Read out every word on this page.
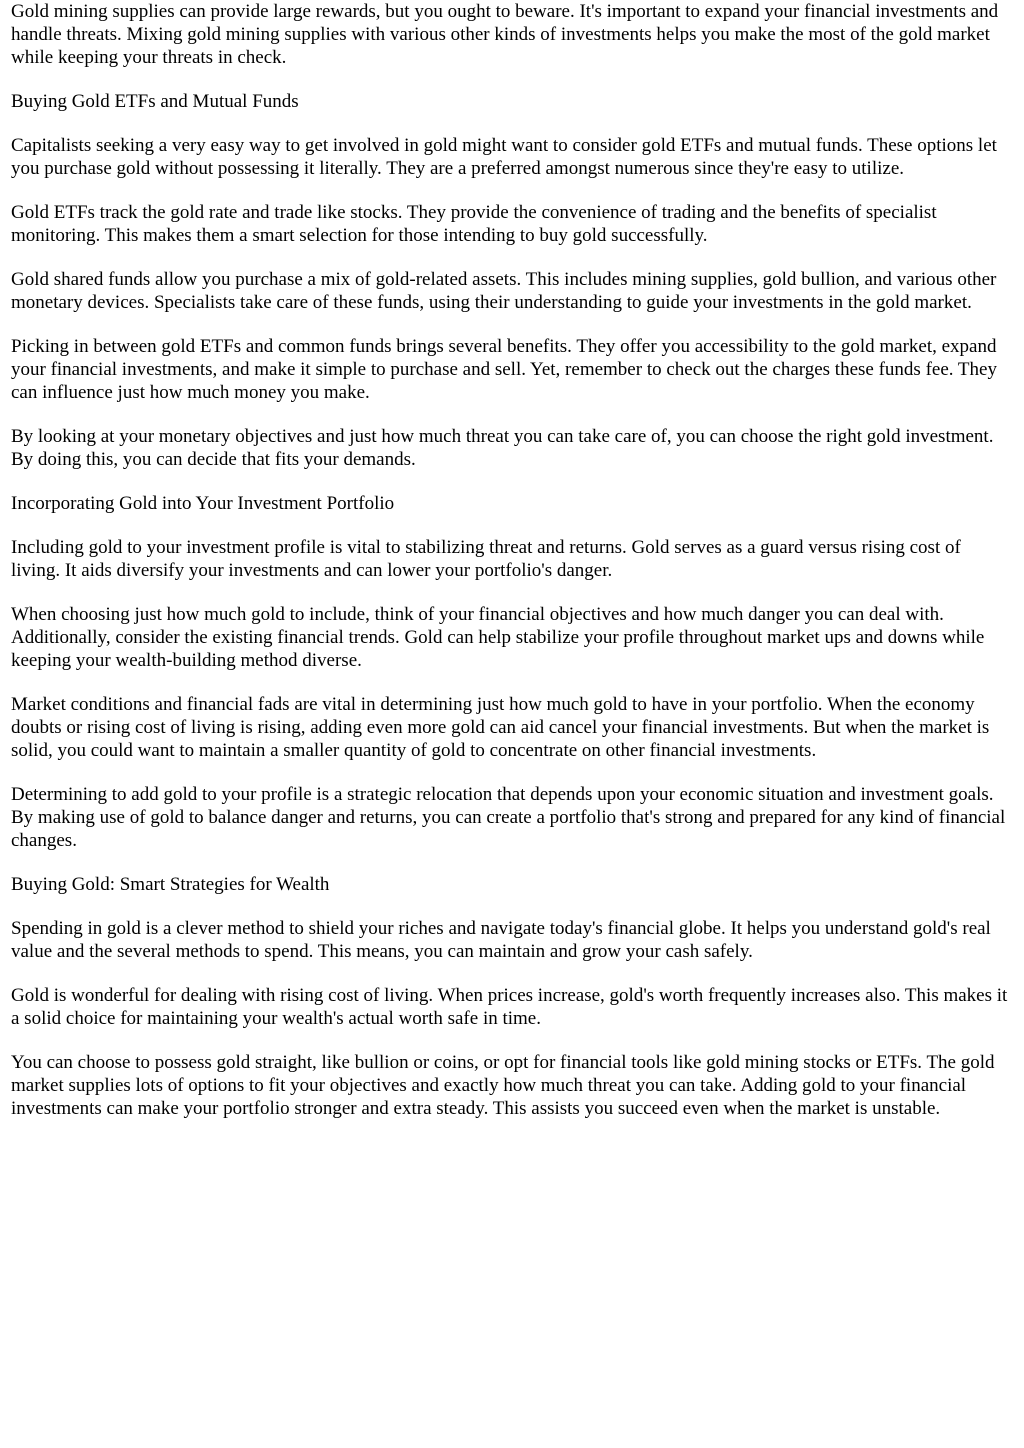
Gold mining supplies can provide large rewards, but you ought to beware. It's important to expand your financial investments and handle threats. Mixing gold mining supplies with various other kinds of investments helps you make the most of the gold market while keeping your threats in check.

Buying Gold ETFs and Mutual Funds

Capitalists seeking a very easy way to get involved in gold might want to consider gold ETFs and mutual funds. These options let you purchase gold without possessing it literally. They are a preferred amongst numerous since they're easy to utilize.

Gold ETFs track the gold rate and trade like stocks. They provide the convenience of trading and the benefits of specialist monitoring. This makes them a smart selection for those intending to buy gold successfully.

Gold shared funds allow you purchase a mix of gold-related assets. This includes mining supplies, gold bullion, and various other monetary devices. Specialists take care of these funds, using their understanding to guide your investments in the gold market.

Picking in between gold ETFs and common funds brings several benefits. They offer you accessibility to the gold market, expand your financial investments, and make it simple to purchase and sell. Yet, remember to check out the charges these funds fee. They can influence just how much money you make.

By looking at your monetary objectives and just how much threat you can take care of, you can choose the right gold investment. By doing this, you can decide that fits your demands.

Incorporating Gold into Your Investment Portfolio

Including gold to your investment profile is vital to stabilizing threat and returns. Gold serves as a guard versus rising cost of living. It aids diversify your investments and can lower your portfolio's danger.

When choosing just how much gold to include, think of your financial objectives and how much danger you can deal with. Additionally, consider the existing financial trends. Gold can help stabilize your profile throughout market ups and downs while keeping your wealth-building method diverse.

Market conditions and financial fads are vital in determining just how much gold to have in your portfolio. When the economy doubts or rising cost of living is rising, adding even more gold can aid cancel your financial investments. But when the market is solid, you could want to maintain a smaller quantity of gold to concentrate on other financial investments.

Determining to add gold to your profile is a strategic relocation that depends upon your economic situation and investment goals. By making use of gold to balance danger and returns, you can create a portfolio that's strong and prepared for any kind of financial changes.

Buying Gold: Smart Strategies for Wealth

Spending in gold is a clever method to shield your riches and navigate today's financial globe. It helps you understand gold's real value and the several methods to spend. This means, you can maintain and grow your cash safely.

Gold is wonderful for dealing with rising cost of living. When prices increase, gold's worth frequently increases also. This makes it a solid choice for maintaining your wealth's actual worth safe in time.

You can choose to possess gold straight, like bullion or coins, or opt for financial tools like gold mining stocks or ETFs. The gold market supplies lots of options to fit your objectives and exactly how much threat you can take. Adding gold to your financial investments can make your portfolio stronger and extra steady. This assists you succeed even when the market is unstable.
